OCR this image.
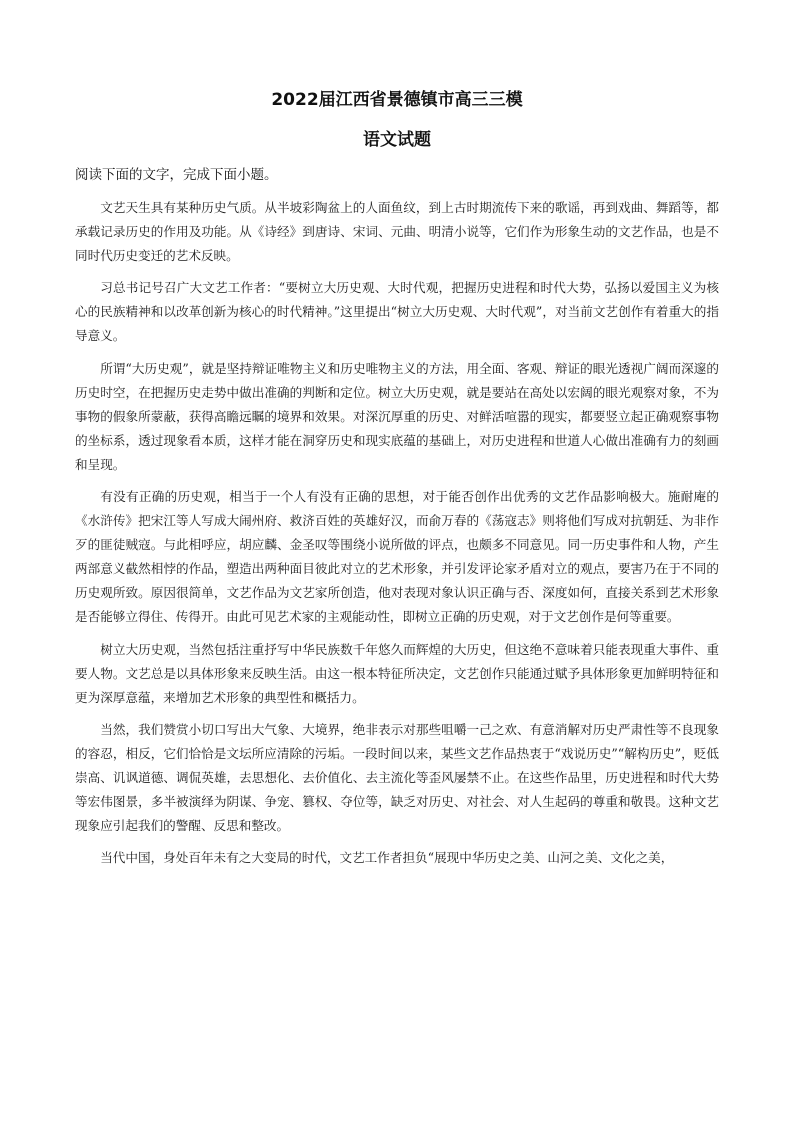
2022届江西省景德镇市高三三模
语文试题

阅读下面的文字，完成下面小题。

文艺天生具有某种历史气质。从半坡彩陶盆上的人面鱼纹，到上古时期流传下来的歌谣，再到戏曲、舞蹈等，都承载记录历史的作用及功能。从《诗经》到唐诗、宋词、元曲、明清小说等，它们作为形象生动的文艺作品，也是不同时代历史变迁的艺术反映。

习总书记号召广大文艺工作者：“要树立大历史观、大时代观，把握历史进程和时代大势，弘扬以爱国主义为核心的民族精神和以改革创新为核心的时代精神。”这里提出“树立大历史观、大时代观”，对当前文艺创作有着重大的指导意义。

所谓“大历史观”，就是坚持辩证唯物主义和历史唯物主义的方法，用全面、客观、辩证的眼光透视广阔而深邃的历史时空，在把握历史走势中做出准确的判断和定位。树立大历史观，就是要站在高处以宏阔的眼光观察对象，不为事物的假象所蒙蔽，获得高瞻远瞩的境界和效果。对深沉厚重的历史、对鲜活喧嚣的现实，都要竖立起正确观察事物的坐标系，透过现象看本质，这样才能在洞穿历史和现实底蕴的基础上，对历史进程和世道人心做出准确有力的刻画和呈现。

有没有正确的历史观，相当于一个人有没有正确的思想，对于能否创作出优秀的文艺作品影响极大。施耐庵的《水浒传》把宋江等人写成大闹州府、救济百姓的英雄好汉，而俞万春的《荡寇志》则将他们写成对抗朝廷、为非作歹的匪徒贼寇。与此相呼应，胡应麟、金圣叹等围绕小说所做的评点，也颇多不同意见。同一历史事件和人物，产生两部意义截然相悖的作品，塑造出两种面目彼此对立的艺术形象，并引发评论家矛盾对立的观点，要害乃在于不同的历史观所致。原因很简单，文艺作品为文艺家所创造，他对表现对象认识正确与否、深度如何，直接关系到艺术形象是否能够立得住、传得开。由此可见艺术家的主观能动性，即树立正确的历史观，对于文艺创作是何等重要。

树立大历史观，当然包括注重抒写中华民族数千年悠久而辉煌的大历史，但这绝不意味着只能表现重大事件、重要人物。文艺总是以具体形象来反映生活。由这一根本特征所决定，文艺创作只能通过赋予具体形象更加鲜明特征和更为深厚意蕴，来增加艺术形象的典型性和概括力。

当然，我们赞赏小切口写出大气象、大境界，绝非表示对那些咀嚼一己之欢、有意消解对历史严肃性等不良现象的容忍，相反，它们恰恰是文坛所应清除的污垢。一段时间以来，某些文艺作品热衷于“戏说历史”“解构历史”，贬低崇高、讥讽道德、调侃英雄，去思想化、去价值化、去主流化等歪风屡禁不止。在这些作品里，历史进程和时代大势等宏伟图景，多半被演绎为阴谋、争宠、篡权、夺位等，缺乏对历史、对社会、对人生起码的尊重和敬畏。这种文艺现象应引起我们的警醒、反思和整改。

当代中国，身处百年未有之大变局的时代，文艺工作者担负“展现中华历史之美、山河之美、文化之美，
